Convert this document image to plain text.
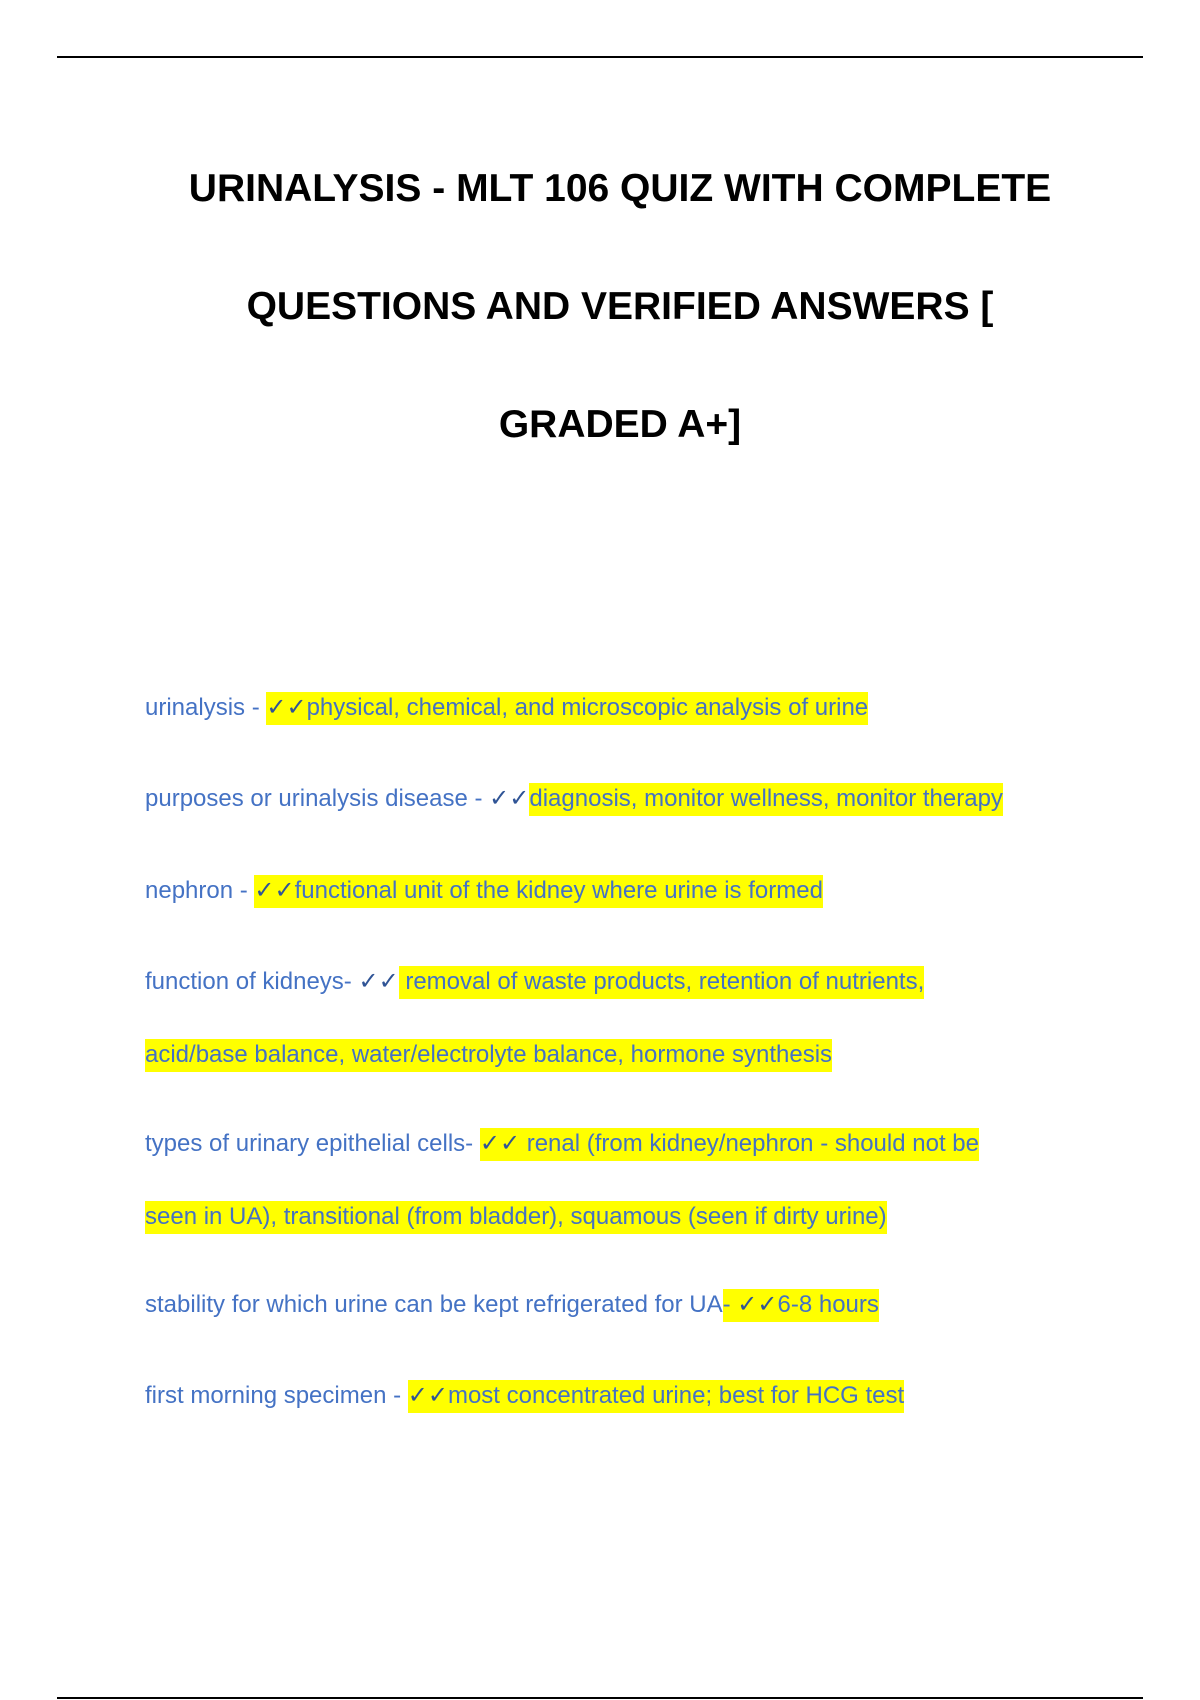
URINALYSIS - MLT 106 QUIZ WITH COMPLETE
QUESTIONS AND VERIFIED ANSWERS [
GRADED A+]
urinalysis - ✓✓physical, chemical, and microscopic analysis of urine
purposes or urinalysis disease - ✓✓diagnosis, monitor wellness, monitor therapy
nephron - ✓✓functional unit of the kidney where urine is formed
function of kidneys- ✓✓ removal of waste products, retention of nutrients,
acid/base balance, water/electrolyte balance, hormone synthesis
types of urinary epithelial cells- ✓✓ renal (from kidney/nephron - should not be
seen in UA), transitional (from bladder), squamous (seen if dirty urine)
stability for which urine can be kept refrigerated for UA- ✓✓6-8 hours
first morning specimen - ✓✓most concentrated urine; best for HCG test
